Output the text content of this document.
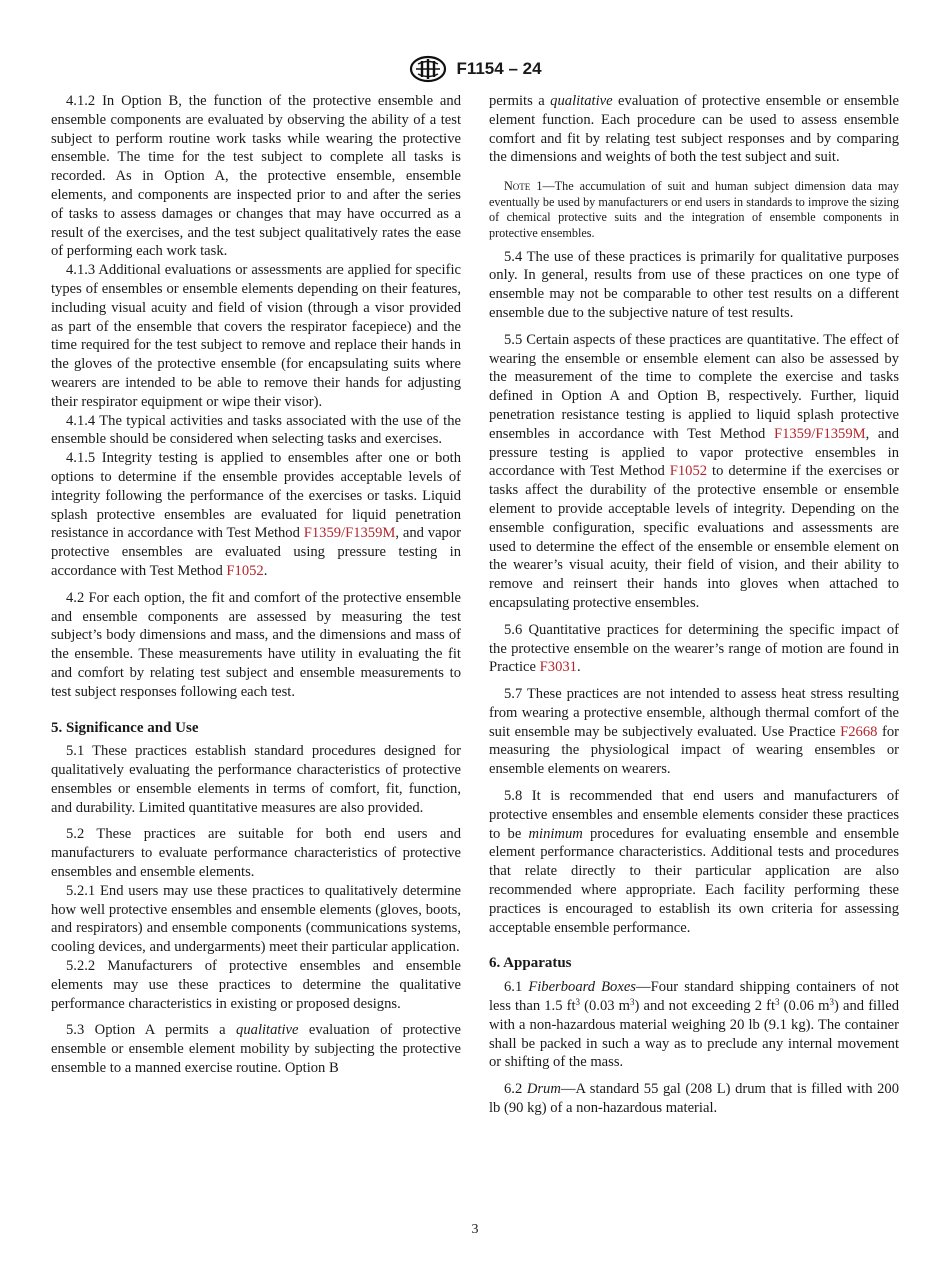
F1154 – 24

4.1.2 In Option B, the function of the protective ensemble and ensemble components are evaluated by observing the ability of a test subject to perform routine work tasks while wearing the protective ensemble. The time for the test subject to complete all tasks is recorded. As in Option A, the protective ensemble, ensemble elements, and components are inspected prior to and after the series of tasks to assess damages or changes that may have occurred as a result of the exercises, and the test subject qualitatively rates the ease of performing each work task.

4.1.3 Additional evaluations or assessments are applied for specific types of ensembles or ensemble elements depending on their features, including visual acuity and field of vision (through a visor provided as part of the ensemble that covers the respirator facepiece) and the time required for the test subject to remove and replace their hands in the gloves of the protective ensemble (for encapsulating suits where wearers are intended to be able to remove their hands for adjusting their respirator equipment or wipe their visor).

4.1.4 The typical activities and tasks associated with the use of the ensemble should be considered when selecting tasks and exercises.

4.1.5 Integrity testing is applied to ensembles after one or both options to determine if the ensemble provides acceptable levels of integrity following the performance of the exercises or tasks. Liquid splash protective ensembles are evaluated for liquid penetration resistance in accordance with Test Method F1359/F1359M, and vapor protective ensembles are evaluated using pressure testing in accordance with Test Method F1052.

4.2 For each option, the fit and comfort of the protective ensemble and ensemble components are assessed by measuring the test subject’s body dimensions and mass, and the dimensions and mass of the ensemble. These measurements have utility in evaluating the fit and comfort by relating test subject and ensemble measurements to test subject responses following each test.

5. Significance and Use

5.1 These practices establish standard procedures designed for qualitatively evaluating the performance characteristics of protective ensembles or ensemble elements in terms of comfort, fit, function, and durability. Limited quantitative measures are also provided.

5.2 These practices are suitable for both end users and manufacturers to evaluate performance characteristics of protective ensembles and ensemble elements.

5.2.1 End users may use these practices to qualitatively determine how well protective ensembles and ensemble elements (gloves, boots, and respirators) and ensemble components (communications systems, cooling devices, and undergarments) meet their particular application.

5.2.2 Manufacturers of protective ensembles and ensemble elements may use these practices to determine the qualitative performance characteristics in existing or proposed designs.

5.3 Option A permits a qualitative evaluation of protective ensemble or ensemble element mobility by subjecting the protective ensemble to a manned exercise routine. Option B

permits a qualitative evaluation of protective ensemble or ensemble element function. Each procedure can be used to assess ensemble comfort and fit by relating test subject responses and by comparing the dimensions and weights of both the test subject and suit.

Note 1—The accumulation of suit and human subject dimension data may eventually be used by manufacturers or end users in standards to improve the sizing of chemical protective suits and the integration of ensemble components in protective ensembles.

5.4 The use of these practices is primarily for qualitative purposes only. In general, results from use of these practices on one type of ensemble may not be comparable to other test results on a different ensemble due to the subjective nature of test results.

5.5 Certain aspects of these practices are quantitative. The effect of wearing the ensemble or ensemble element can also be assessed by the measurement of the time to complete the exercise and tasks defined in Option A and Option B, respectively. Further, liquid penetration resistance testing is applied to liquid splash protective ensembles in accordance with Test Method F1359/F1359M, and pressure testing is applied to vapor protective ensembles in accordance with Test Method F1052 to determine if the exercises or tasks affect the durability of the protective ensemble or ensemble element to provide acceptable levels of integrity. Depending on the ensemble configuration, specific evaluations and assessments are used to determine the effect of the ensemble or ensemble element on the wearer’s visual acuity, their field of vision, and their ability to remove and reinsert their hands into gloves when attached to encapsulating protective ensembles.

5.6 Quantitative practices for determining the specific impact of the protective ensemble on the wearer’s range of motion are found in Practice F3031.

5.7 These practices are not intended to assess heat stress resulting from wearing a protective ensemble, although thermal comfort of the suit ensemble may be subjectively evaluated. Use Practice F2668 for measuring the physiological impact of wearing ensembles or ensemble elements on wearers.

5.8 It is recommended that end users and manufacturers of protective ensembles and ensemble elements consider these practices to be minimum procedures for evaluating ensemble and ensemble element performance characteristics. Additional tests and procedures that relate directly to their particular application are also recommended where appropriate. Each facility performing these practices is encouraged to establish its own criteria for assessing acceptable ensemble performance.

6. Apparatus

6.1 Fiberboard Boxes—Four standard shipping containers of not less than 1.5 $ft^3$ (0.03 $m^3$) and not exceeding 2 $ft^3$ (0.06 $m^3$) and filled with a non-hazardous material weighing 20 lb (9.1 kg). The container shall be packed in such a way as to preclude any internal movement or shifting of the mass.

6.2 Drum—A standard 55 gal (208 L) drum that is filled with 200 lb (90 kg) of a non-hazardous material.

3
